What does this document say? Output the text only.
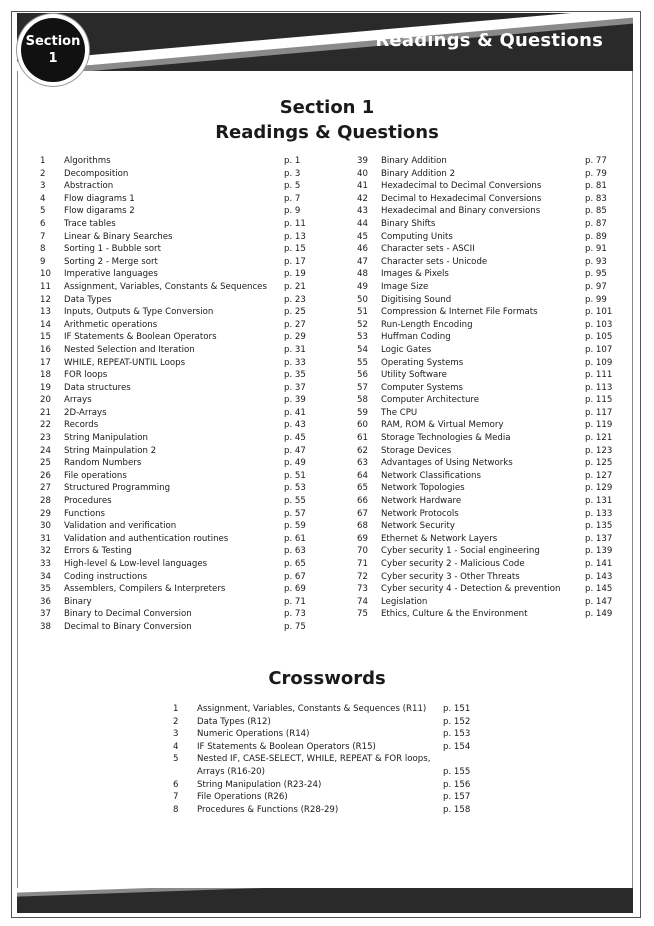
Readings & Questions
Section
1
Section 1
Readings & Questions
1	Algorithms	p. 1
2	Decomposition	p. 3
3	Abstraction	p. 5
4	Flow diagrams 1	p. 7
5	Flow digarams 2	p. 9
6	Trace tables	p. 11
7	Linear & Binary Searches	p. 13
8	Sorting 1 - Bubble sort	p. 15
9	Sorting 2 - Merge sort	p. 17
10	Imperative languages	p. 19
11	Assignment, Variables, Constants & Sequences	p. 21
12	Data Types	p. 23
13	Inputs, Outputs & Type Conversion	p. 25
14	Arithmetic operations	p. 27
15	IF Statements & Boolean Operators	p. 29
16	Nested Selection and Iteration	p. 31
17	WHILE, REPEAT-UNTIL Loops	p. 33
18	FOR loops	p. 35
19	Data structures	p. 37
20	Arrays	p. 39
21	2D-Arrays	p. 41
22	Records	p. 43
23	String Manipulation	p. 45
24	String Mainpulation 2	p. 47
25	Random Numbers	p. 49
26	File operations	p. 51
27	Structured Programming	p. 53
28	Procedures	p. 55
29	Functions	p. 57
30	Validation and verification	p. 59
31	Validation and authentication routines	p. 61
32	Errors & Testing	p. 63
33	High-level & Low-level languages	p. 65
34	Coding instructions	p. 67
35	Assemblers, Compilers & Interpreters	p. 69
36	Binary	p. 71
37	Binary to Decimal Conversion	p. 73
38	Decimal to Binary Conversion	p. 75
39	Binary Addition	p. 77
40	Binary Addition 2	p. 79
41	Hexadecimal to Decimal Conversions	p. 81
42	Decimal to Hexadecimal Conversions	p. 83
43	Hexadecimal and Binary conversions	p. 85
44	Binary Shifts	p. 87
45	Computing Units	p. 89
46	Character sets - ASCII	p. 91
47	Character sets - Unicode	p. 93
48	Images & Pixels	p. 95
49	Image Size	p. 97
50	Digitising Sound	p. 99
51	Compression & Internet File Formats	p. 101
52	Run-Length Encoding	p. 103
53	Huffman Coding	p. 105
54	Logic Gates	p. 107
55	Operating Systems	p. 109
56	Utility Software	p. 111
57	Computer Systems	p. 113
58	Computer Architecture	p. 115
59	The CPU	p. 117
60	RAM, ROM & Virtual Memory	p. 119
61	Storage Technologies & Media	p. 121
62	Storage Devices	p. 123
63	Advantages of Using Networks	p. 125
64	Network Classifications	p. 127
65	Network Topologies	p. 129
66	Network Hardware	p. 131
67	Network Protocols	p. 133
68	Network Security	p. 135
69	Ethernet & Network Layers	p. 137
70	Cyber security 1 - Social engineering	p. 139
71	Cyber security 2 - Malicious Code	p. 141
72	Cyber security 3 - Other Threats	p. 143
73	Cyber security 4 - Detection & prevention	p. 145
74	Legislation	p. 147
75	Ethics, Culture & the Environment	p. 149
Crosswords
1	Assignment, Variables, Constants & Sequences (R11)	p. 151
2	Data Types (R12)	p. 152
3	Numeric Operations (R14)	p. 153
4	IF Statements & Boolean Operators (R15)	p. 154
5	Nested IF, CASE-SELECT, WHILE, REPEAT & FOR loops, Arrays (R16-20)	p. 155
6	String Manipulation (R23-24)	p. 156
7	File Operations (R26)	p. 157
8	Procedures & Functions (R28-29)	p. 158
